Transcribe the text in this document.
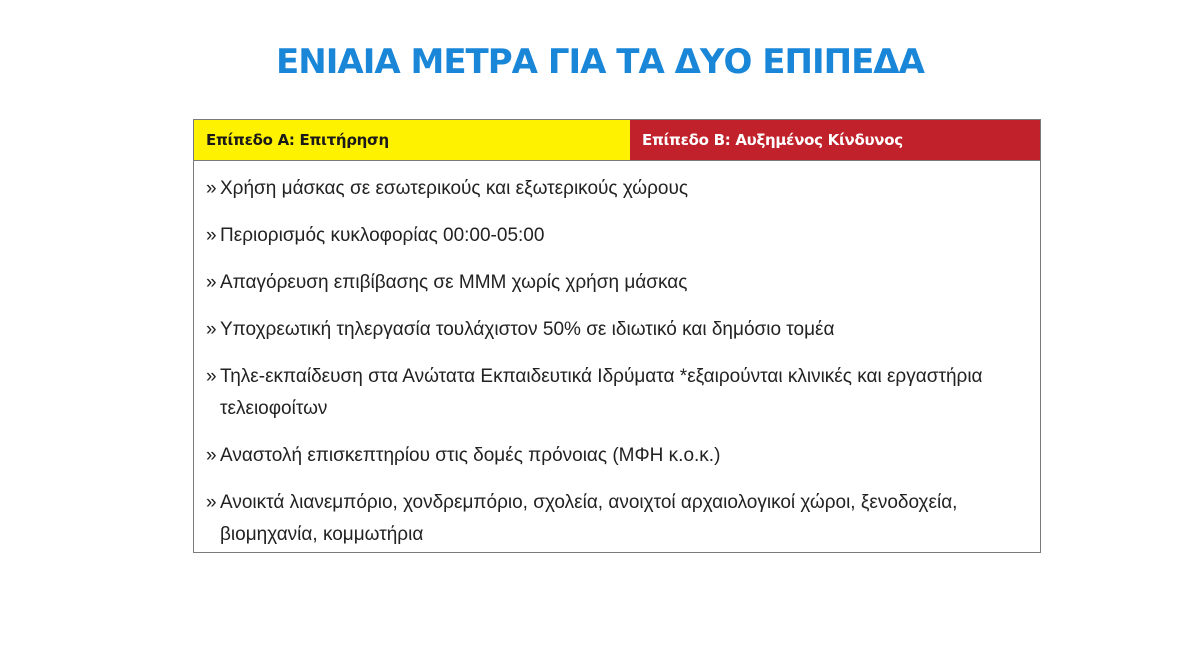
ΕΝΙΑΙΑ ΜΕΤΡΑ ΓΙΑ ΤΑ ΔΥΟ ΕΠΙΠΕΔΑ
Επίπεδο Α: Επιτήρηση	Επίπεδο Β: Αυξημένος Κίνδυνος
» Χρήση μάσκας σε εσωτερικούς και εξωτερικούς χώρους
» Περιορισμός κυκλοφορίας 00:00-05:00
» Απαγόρευση επιβίβασης σε ΜΜΜ χωρίς χρήση μάσκας
» Υποχρεωτική τηλεργασία τουλάχιστον 50% σε ιδιωτικό και δημόσιο τομέα
» Τηλε-εκπαίδευση στα Ανώτατα Εκπαιδευτικά Ιδρύματα *εξαιρούνται κλινικές και εργαστήρια τελειοφοίτων
» Αναστολή επισκεπτηρίου στις δομές πρόνοιας (ΜΦΗ κ.ο.κ.)
» Ανοικτά λιανεμπόριο, χονδρεμπόριο, σχολεία, ανοιχτοί αρχαιολογικοί χώροι, ξενοδοχεία, βιομηχανία, κομμωτήρια
